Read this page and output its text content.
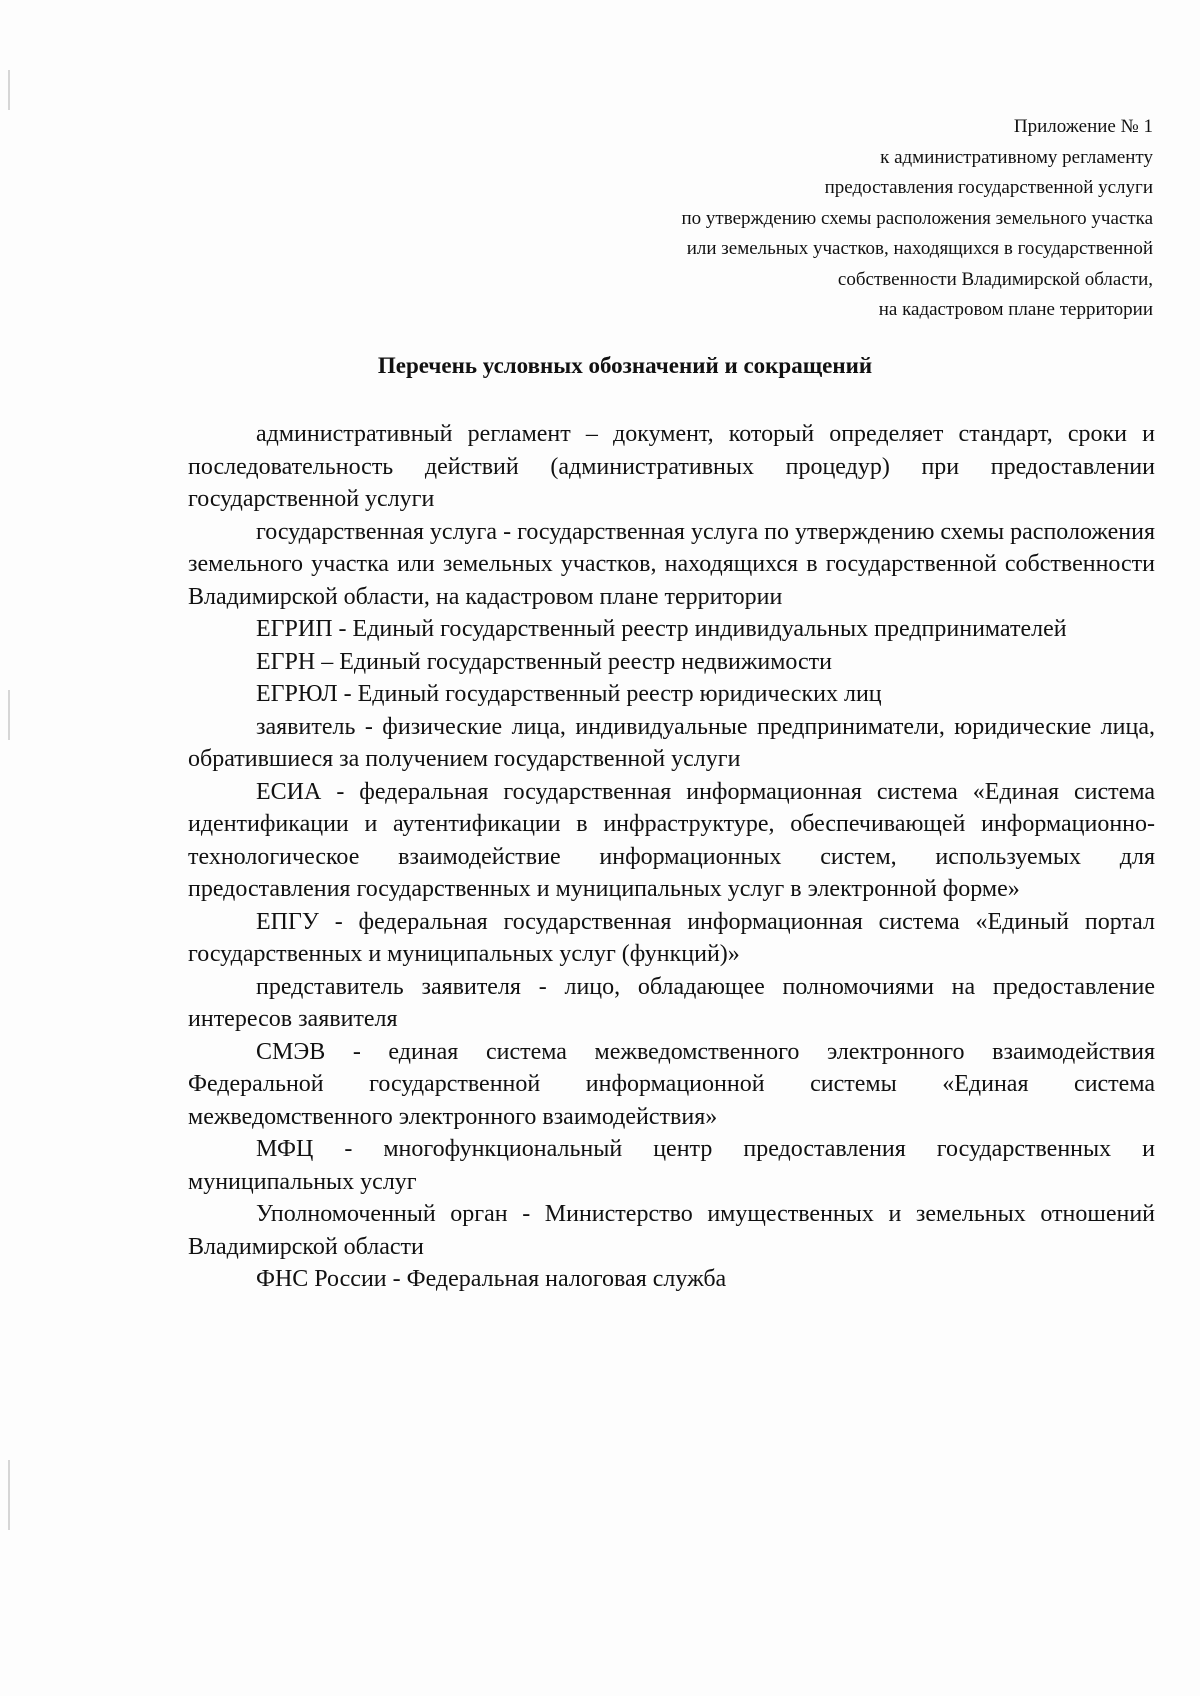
Приложение № 1
к административному регламенту
предоставления государственной услуги
по утверждению схемы расположения земельного участка
или земельных участков, находящихся в государственной
собственности Владимирской области,
на кадастровом плане территории
Перечень условных обозначений и сокращений

административный регламент – документ, который определяет стандарт, сроки и последовательность действий (административных процедур) при предоставлении государственной услуги

государственная услуга - государственная услуга по утверждению схемы расположения земельного участка или земельных участков, находящихся в государственной собственности Владимирской области, на кадастровом плане территории

ЕГРИП - Единый государственный реестр индивидуальных предпринимателей

ЕГРН – Единый государственный реестр недвижимости

ЕГРЮЛ - Единый государственный реестр юридических лиц

заявитель - физические лица, индивидуальные предприниматели, юридические лица, обратившиеся за получением государственной услуги

ЕСИА - федеральная государственная информационная система «Единая система идентификации и аутентификации в инфраструктуре, обеспечивающей информационно-технологическое взаимодействие информационных систем, используемых для предоставления государственных и муниципальных услуг в электронной форме»

ЕПГУ - федеральная государственная информационная система «Единый портал государственных и муниципальных услуг (функций)»

представитель заявителя - лицо, обладающее полномочиями на предоставление интересов заявителя

СМЭВ - единая система межведомственного электронного взаимодействия Федеральной государственной информационной системы «Единая система межведомственного электронного взаимодействия»

МФЦ - многофункциональный центр предоставления государственных и муниципальных услуг

Уполномоченный орган - Министерство имущественных и земельных отношений Владимирской области

ФНС России - Федеральная налоговая служба
